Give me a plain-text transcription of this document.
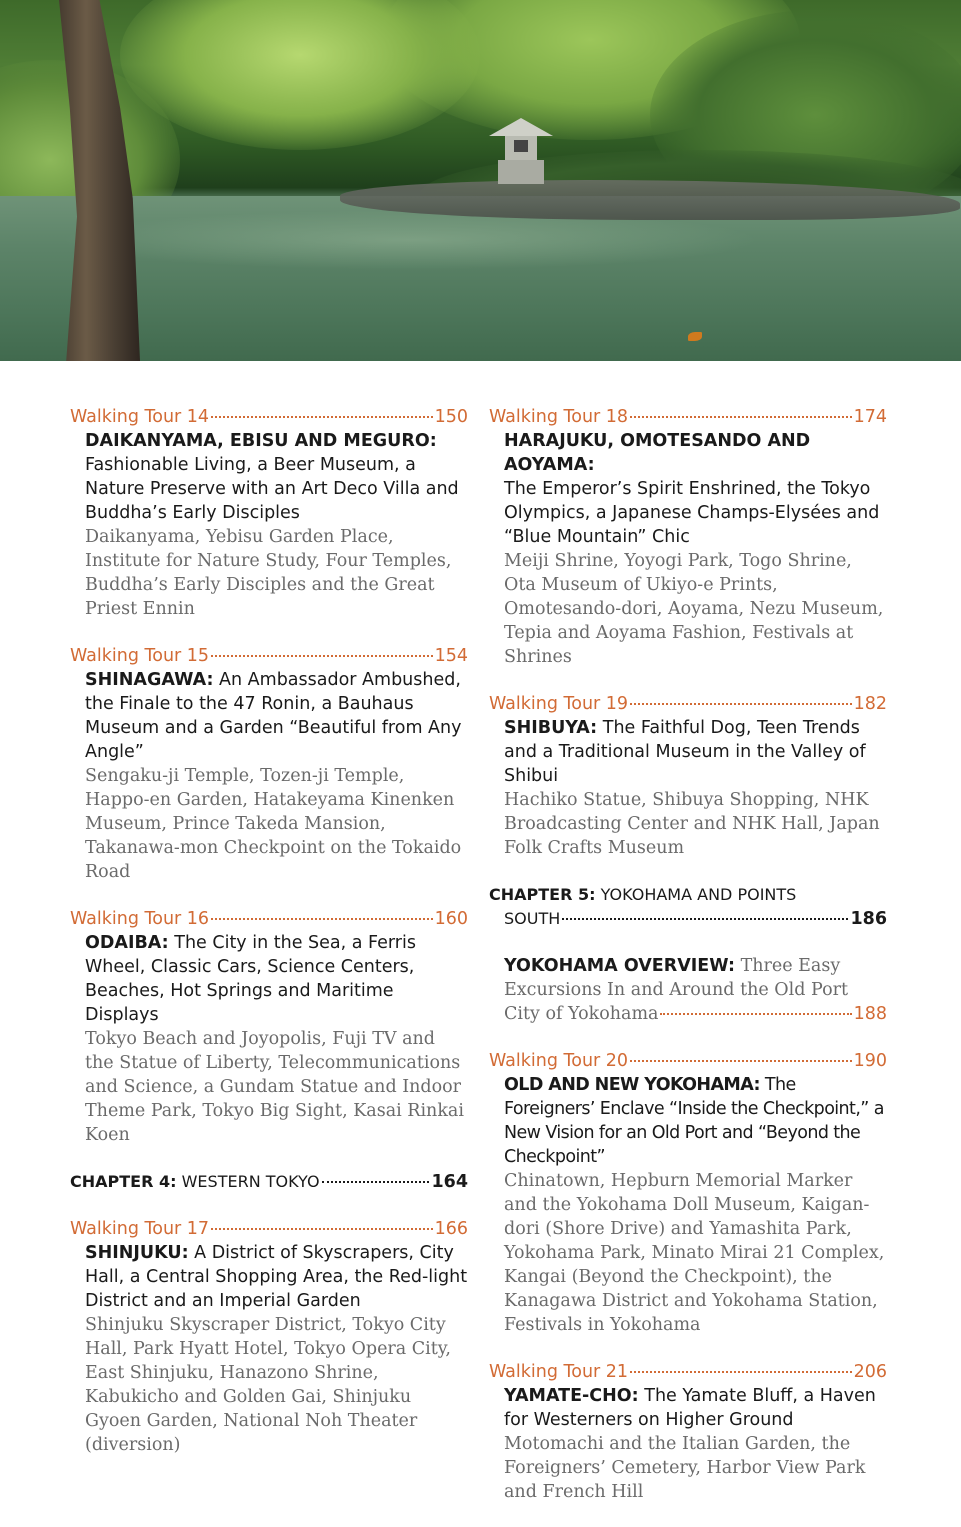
Walking Tour 14	150
DAIKANYAMA, EBISU AND MEGURO:
Fashionable Living, a Beer Museum, a Nature Preserve with an Art Deco Villa and Buddha’s Early Disciples
Daikanyama, Yebisu Garden Place, Institute for Nature Study, Four Temples, Buddha’s Early Disciples and the Great Priest Ennin
Walking Tour 15	154
SHINAGAWA: An Ambassador Ambushed, the Finale to the 47 Ronin, a Bauhaus Museum and a Garden “Beautiful from Any Angle”
Sengaku-ji Temple, Tozen-ji Temple, Happo-en Garden, Hatakeyama Kinenken Museum, Prince Takeda Mansion, Takanawa-mon Checkpoint on the Tokaido Road
Walking Tour 16	160
ODAIBA: The City in the Sea, a Ferris Wheel, Classic Cars, Science Centers, Beaches, Hot Springs and Maritime Displays
Tokyo Beach and Joyopolis, Fuji TV and the Statue of Liberty, Telecommunications and Science, a Gundam Statue and Indoor Theme Park, Tokyo Big Sight, Kasai Rinkai Koen
CHAPTER 4:
WESTERN TOKYO	164
Walking Tour 17	166
SHINJUKU: A District of Skyscrapers, City Hall, a Central Shopping Area, the Red-light District and an Imperial Garden
Shinjuku Skyscraper District, Tokyo City Hall, Park Hyatt Hotel, Tokyo Opera City, East Shinjuku, Hanazono Shrine, Kabukicho and Golden Gai, Shinjuku Gyoen Garden, National Noh Theater (diversion)
Walking Tour 18	174
HARAJUKU, OMOTESANDO AND AOYAMA:
The Emperor’s Spirit Enshrined, the Tokyo Olympics, a Japanese Champs-Elysées and “Blue Mountain” Chic
Meiji Shrine, Yoyogi Park, Togo Shrine, Ota Museum of Ukiyo-e Prints, Omotesando-dori, Aoyama, Nezu Museum, Tepia and Aoyama Fashion, Festivals at Shrines
Walking Tour 19	182
SHIBUYA: The Faithful Dog, Teen Trends and a Traditional Museum in the Valley of Shibui
Hachiko Statue, Shibuya Shopping, NHK Broadcasting Center and NHK Hall, Japan Folk Crafts Museum
CHAPTER 5: YOKOHAMA AND POINTS
SOUTH	186
YOKOHAMA OVERVIEW: Three Easy
Excursions In and Around the Old Port
City of Yokohama	188
Walking Tour 20	190
OLD AND NEW YOKOHAMA: The Foreigners’ Enclave “Inside the Checkpoint,” a New Vision for an Old Port and “Beyond the Checkpoint”
Chinatown, Hepburn Memorial Marker and the Yokohama Doll Museum, Kaigan-dori (Shore Drive) and Yamashita Park, Yokohama Park, Minato Mirai 21 Complex, Kangai (Beyond the Checkpoint), the Kanagawa District and Yokohama Station, Festivals in Yokohama
Walking Tour 21	206
YAMATE-CHO: The Yamate Bluff, a Haven for Westerners on Higher Ground
Motomachi and the Italian Garden, the Foreigners’ Cemetery, Harbor View Park and French Hill
